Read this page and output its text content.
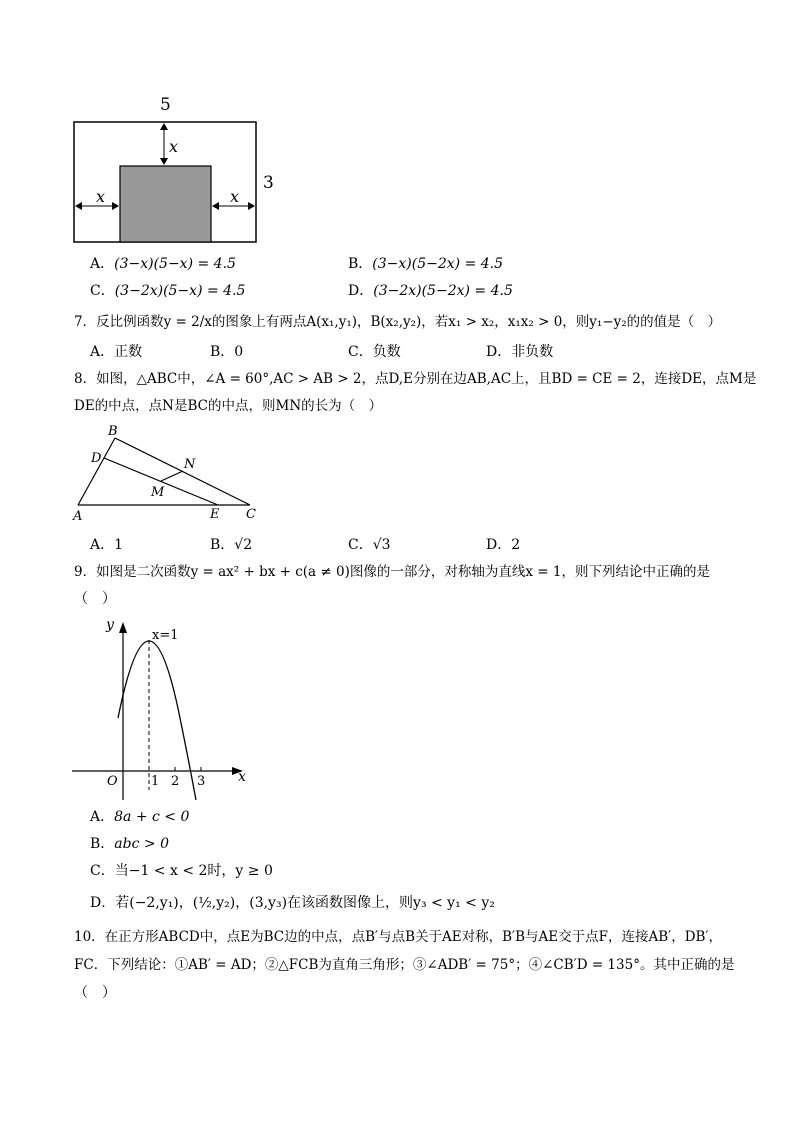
5
3
x
x	x
A
B
C
D
E
M
N
y
x
O
x=1
1 2 3
A．(3−x)(5−x) = 4.5	B．(3−x)(5−2x) = 4.5
C．(3−2x)(5−x) = 4.5	D．(3−2x)(5−2x) = 4.5
7．反比例函数y = 2/x的图象上有两点A(x₁,y₁)，B(x₂,y₂)，若x₁ > x₂，x₁x₂ > 0，则y₁−y₂的的值是（　）
A．正数	B．0	C．负数	D．非负数
8．如图，△ABC中，∠A = 60°,AC > AB > 2，点D,E分别在边AB,AC上，且BD = CE = 2，连接DE，点M是
DE的中点，点N是BC的中点，则MN的长为（　）
A．1	B．√2	C．√3	D．2
9．如图是二次函数y = ax² + bx + c(a ≠ 0)图像的一部分，对称轴为直线x = 1，则下列结论中正确的是
（　）
A．8a + c < 0
B．abc > 0
C．当−1 < x < 2时，y ≥ 0
D．若(−2,y₁)，(½,y₂)，(3,y₃)在该函数图像上，则y₃ < y₁ < y₂
10．在正方形ABCD中，点E为BC边的中点，点B′与点B关于AE对称，B′B与AE交于点F，连接AB′，DB′，
FC．下列结论：①AB′ = AD；②△FCB为直角三角形；③∠ADB′ = 75°；④∠CB′D = 135°。其中正确的是
（　）
